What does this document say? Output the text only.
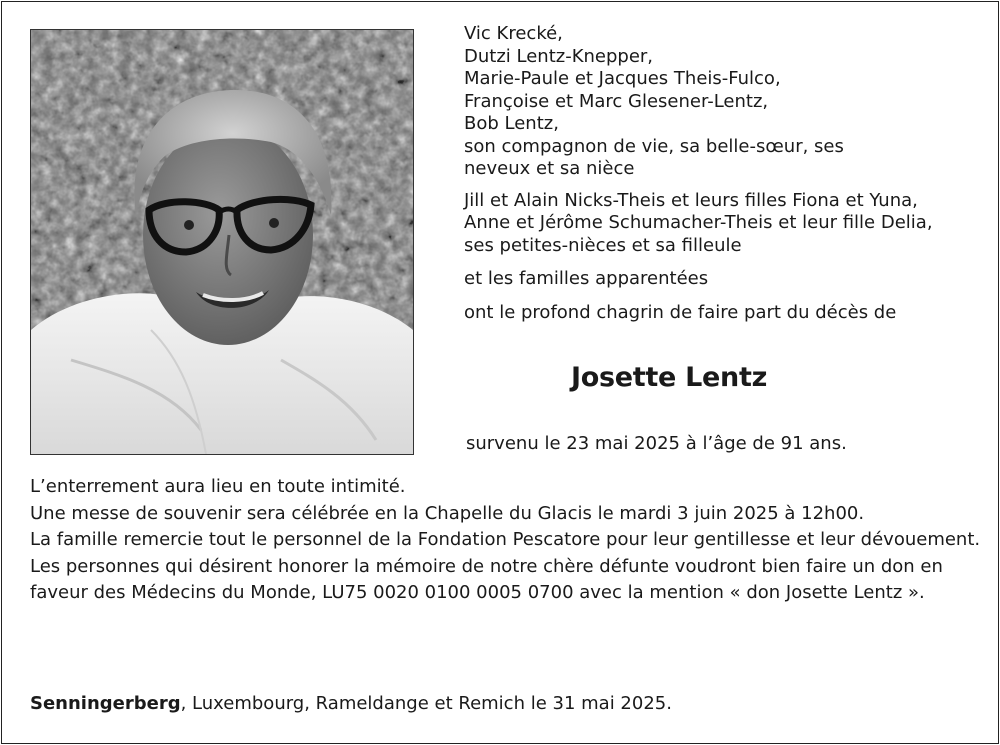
Vic Krecké,
Dutzi Lentz-Knepper,
Marie-Paule et Jacques Theis-Fulco,
Françoise et Marc Glesener-Lentz,
Bob Lentz,
son compagnon de vie, sa belle-sœur, ses
neveux et sa nièce
Jill et Alain Nicks-Theis et leurs filles Fiona et Yuna,
Anne et Jérôme Schumacher-Theis et leur fille Delia,
ses petites-nièces et sa filleule
et les familles apparentées
ont le profond chagrin de faire part du décès de
Josette Lentz
survenu le 23 mai 2025 à l’âge de 91 ans.
L’enterrement aura lieu en toute intimité.
Une messe de souvenir sera célébrée en la Chapelle du Glacis le mardi 3 juin 2025 à 12h00.
La famille remercie tout le personnel de la Fondation Pescatore pour leur gentillesse et leur dévouement.
Les personnes qui désirent honorer la mémoire de notre chère défunte voudront bien faire un don en faveur des Médecins du Monde, LU75 0020 0100 0005 0700 avec la mention « don Josette Lentz ».
Senningerberg, Luxembourg, Rameldange et Remich le 31 mai 2025.
